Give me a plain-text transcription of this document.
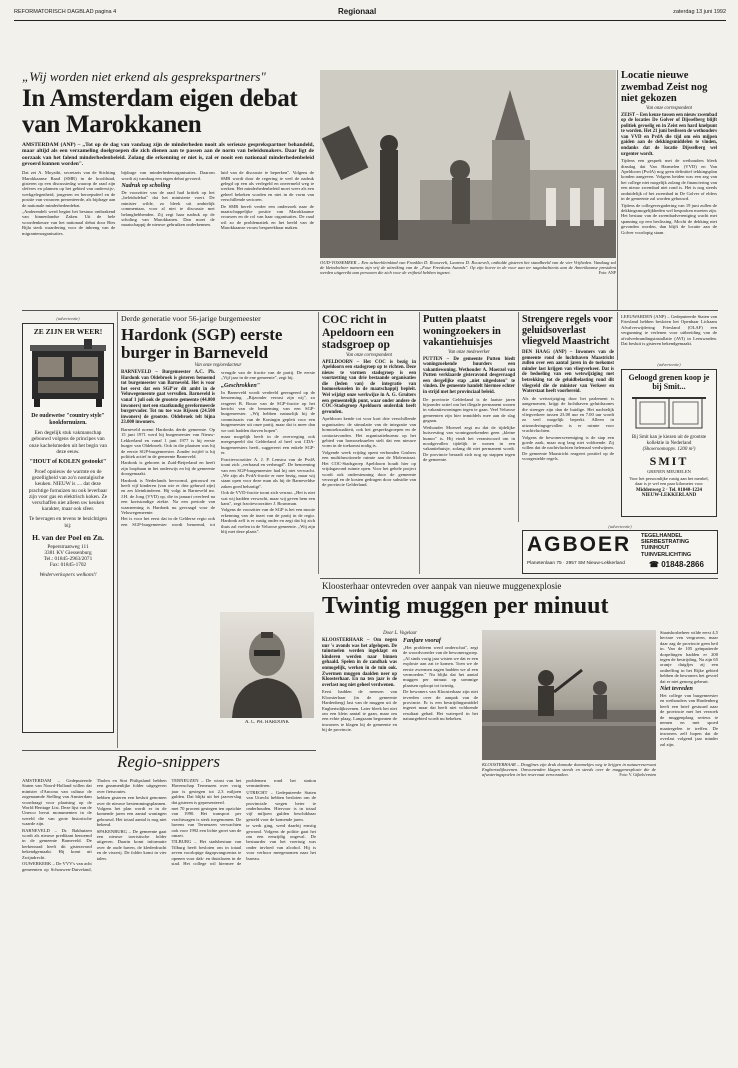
REFORMATORISCH DAGBLAD pagina 4	Regionaal	zaterdag 13 juni 1992
„Wij worden niet erkend als gesprekspartners"
In Amsterdam eigen debat van Marokkanen
AMSTERDAM (ANP) – „Tot op de dag van vandaag zijn de minderheden nooit als serieuze gesprekspartner behandeld, maar altijd als een verzameling doelgroepen die zich dienen aan te passen aan de norm van beleidsmakers. Daar ligt de oorzaak van het falend minderhedenbeleid. Zolang die erkenning er niet is, zal er nooit een nationaal minderhedenbeleid gevoerd kunnen worden".

Dat zei A. Moyaibi, secretaris van de Stichting Marokkaanse Raad (SMR) in de hoofdstad, gisteren op een discussiedag waarop de raad zijn sleferes en plannen op het gebied van onderwijs-, werkgelegenheid, jongeren en beroepsdeel en de positie van vrouwen presenteerde, als bijdrage aan de nationale minderhedendebat.

„Anderendelt werd begint het bestuur ontbrakend van binnenlandse Zaken. Uit de hele woordenkeuze van het nationaal debat door Bies Bijla sterk waardering voor de inbreng van de migrantenorganisaties.

bijdrage van minderhedenorganisaties. Daarom wordt zij vandaag een eigen debat gevoerd.

Nadruk op scholing

De voorzitter van de raad had kritiek op het „beleidsdebat" dat het ministerie voert. De minister wilde, zo bleek uit ambtelijk commentaar, voor al niet te discussie met belanghebbenden. Zij zegt haar nadruk op de scholing van Marokkanen. Dan moet de maatschappij de nieuwe gebruiken onderkennen.

luid van de discussie te beperken". Volgens de SMR wordt door de regering te veel de nadruk gelegd op een als verlegeld en onvermeld weg te werken. Het minderhedenbeleid moet weer als een geheel bekeken worden en niet in de vorm van verschillende sectoren.

De SMR bereft verder een onderzoek naar de maatschappelijke positie van Marokkaanse vrouwen en de rol van haar organisaties. De raad wil zo de problematiek en het beeld van de Marokkaanse vrouw bespreekbaar maken.

OUD-VOSSEMEER – Een achterkleinkind van Franklin D. Roosevelt, Laurens D. Roosevelt, onthulde gisteren het standbeeld van de vier Vrijheden. Vandaag zal de kleindochter namens zijn vrij de uitreiking van de „Four Freedoms Awards". Op zijn hoeve in de voor aan ter nagedachtenis aan de Amerikaanse president werden uitgereikt aan personen die zich voor de vrijheid hebben ingezet.	Foto: ANP
Locatie nieuwe zwembad Zeist nog niet gekozen
Van onze correspondent

ZEIST – Een keuze tussen een nieuw zwembad op de locaties De Golver of Dijsselberg blijft politiek gevoelig en in Zeist een hard knelpunt te worden. Het 21 juni beslissen de wethouders van VVD en PvdA die tijd om eén mijpen gaiden aan de dekkingsmiddelen te vinden, ondanks dat de locatie Dijsselberg wel urgenter wordt.

Tijdens een gesprek met de wethouders bleek dinsdag dat Van Harmelen (VVD) en Van Apeldoorn (PvdA) nog geen definitief tekkingsplan konden aangeven. Volgens beiden was een zeg van het college niet mogelijk zolang de financiering van een nieuw zwembad niet rond is. Het is nog steeds onduidelijk of het zwembad in De Golver of elders in de gemeente zal worden gebouwd.

Tijdens de collegevergadering van 19 juni zullen de dekkingsmogelijkheden wel besproken moeten zijn. Het bestuur van de zwembadvereniging wacht met spanning op een beslissing. Mocht de dekking niet gevonden worden, dan blijft de locatie aan de Golver voorlopig staan.

(advertentie)
ZE ZIJN ER WEER!

De oudewetse "country style" kookfornuizen.

Een degelijk stuk vakmanschap gebouwd volgens de principes van onze kachelsmeden uit het begin van deze eeuw.

"HOUT of KOLEN gestookt"

Proef opnieuw de warmte en de gezelligheid van zo'n nostalgische keuken. NIEUW is .... dat deze prachtige fornuizen nu ook leverbaar zijn voor gas en elektrisch koken. Ze verschaffen niet alleen uw keuken karakter, maar ook sfeer.

Te bevragen en tevens te bezichtigen bij:

H. van der Poel en Zn.
Peperstraatweg 111
3381 KV Giessenburg
Tel.: 01845-2963/2071
Fax: 01845-1702
Wederverkopers welkom!!
Derde generatie voor 56-jarige burgemeester
Hardonk (SGP) eerste burger in Barneveld
Van onze regioredacteur

BARNEVELD – Burgemeester A.C. Ph. Hardonk van Oldebroek is gisteren benoemd tot burgemeester van Barneveld. Het is voor het eerst dat een SGP'er dit ambt in de Veluwegemeente gaat vervullen. Barneveld is vanaf 1 juli ook de grootste gemeente (44.000 inwoners) met een staatkundig gereformeerde burgervader. Tot nu toe was Rijssen (24.500 inwoners) de grootste. Oldebroek telt bijna 23.000 inwoners.

Barneveld noemt Hardonks derde gemeente. Op 15 juni 1971 werd hij burgemeester van Nieuw-Lekkerland en vanaf 1 juni 1977 is hij eerste burger van Oldebroek. Ook in die plaatsen was hij de eerste SGP-burgemeester. Zonder twijfel is hij politiek actief in de gemeente Barneveld.

Hardonk is geboren in Zuid-Beijerland en heeft zijn loopbaan in het onderwijs en bij de gemeente doorgemaakt.

Hardonk is Nederlands hervormd, getrouwd en heeft vijf kinderen (van wie er drie gehuwd zijn) en zes kleinkinderen. Hij volgt in Barneveld mr. J.H. de Jong (VVD) op, die in januari overleed na een kortstondige ziekte. Na een periode van waarneming is Hardonk nu gevraagd voor de Veluwegemeente.

Het is voor het eerst dat in de Gelderse regio ook een SGP-burgemeester wordt benoemd, tot vreugde van de fractie van de partij. De eerste „Vijf jaar in de ene gemeente", zegt hij.

„Geschrokken"

In Barneveld wordt verdeeld gereageerd op de benoeming. „Bijzonder verrast zijn wij", zo reageert B. Bouw van de SGP-fractie op het bericht van de benoeming van een SGP-burgemeester. „Wij hebben natuurlijk bij de commissaris van de Koningin gepleit voor een burgemeester uit onze partij, maar dat is meer dan we ooit hadden durven hopen".

maar mogelijk heeft in de overweging ook meegespeeld dat Gelderland al heel wat CDA-burgemeesters heeft, suggereert een enkele SGP-er.

Fractievoorzitter A. J. P. Lenstra van de PvdA toont zich „verbaasd en verheugd". De benoeming van een SGP-burgemeester had hij niet verwacht. „We zijn als PvdA-fractie er mee bezig, maar wij staan open voor deze man als hij de Barneveldse zaken goed behartigt".

Ook de VVD-fractie toont zich verrast. „Het is niet wat wij hadden verwacht, maar wij geven hem een kans", zegt fractievoorzitter J. Bouwman.

Volgens de voorzitter van de SGP is het een mooie erkenning van de inzet van de partij in de regio. Hardonk zelf is er rustig onder en zegt dat hij zich thuis zal voelen in de Veluwse gemeente. „Wij zijn blij met deze plaats".

A. C. PH. HARDONK
COC richt in Apeldoorn een stadsgroep op
Van onze correspondent

APELDOORN – Het COC is bezig in Apeldoorn een stadsgroep op te richten. Deze nieuw te vormen stadsgroep is een voortzetting van drie bestaande organisaties die (leden van) de integratie van homoseksuelen in de maatschappij bepleit. Wel wijzigt onze werkwijze in A. G. Gruiters een gemeentelijk punt, waar onder andere de COC-Stadsgroep Apeldoorn onderdak heeft gevonden.

Apeldoorn kende tot voor kort drie verschillende organisaties: de stimulatie van de integratie van homoseksualiteit, ook het gespreksgroepen en de contactavonden. Het organisatiebureau op het gebied van homoseksuelen stelt dat een nieuwe vorm in de toekomst nodig is.

Volgende week vrijdag opent verbonden Grubers een multifunctionele ruimte aan de Molenstraat. Het COC-Stadsgroep Apeldoorn houdt hier op vrijdagavond ruimte open. Voor het gehele project wordt ook ondersteuning door de gemeente verzorgd en de kosten gedragen door subsidie van de provincie Gelderland.

Putten plaatst woningzoekers in vakantiehuisjes
Van onze medewerker

PUTTEN – De gemeente Putten biedt woningzoekende huurders een vakantiewoning. Wethouder A. Moerzel van Putten verklaarde gisteravond desgevraagd een dergelijke stap „niet uitgesloten" te vinden. De gemeente handelt hiermee echter in strijd met het provinciaal beleid.

De provincie Gelderland is de laatste jaren bijzonder actief om het illegale permanent wonen in vakantiewoningen tegen te gaan. Veel Veluwse gemeenten zijn hier inmiddels mee aan de slag gegaan.

Wethouder Moerzel zegt nu dat de tijdelijke huisvesting van woningzoekenden geen „kleine humor" is. Hij vindt het verantwoord om in noodgevallen tijdelijk te wonen in een vakantiehuisje, zolang dit niet permanent wordt. De provincie beraadt zich nog op stappen tegen de gemeente.

Strengere regels voor geluidsoverlast vliegveld Maastricht

DEN HAAG (ANP) – Inwoners van de gemeente rond de luchthaven Maastricht zullen over een aantal jaren in de toekomst minder last krijgen van vliegverkeer. Dat is de bedoeling van een wetswijziging met betrekking tot de geluidbelasting rond dit vliegveld die de minister van Verkeer en Waterstaat heeft voorbereid.

Als de wetswijziging door het parlement is aangenomen, krijgt de luchthaven geluidszones die strenger zijn dan de huidige. Het nachtelijk vliegverkeer tussen 23.00 uur en 7.00 uur wordt zo veel mogelijk beperkt. Alleen in uitzonderingsgevallen is er ruimte voor vrachtvluchten.

Volgens de bewonersvereniging is de stap een goede zaak, maar nog lang niet voldoende. Zij willen dat de nachtvluchten helemaal verdwijnen. De gemeente Maastricht reageert positief op de voorgestelde regels.

LEEUWARDEN (ANP) – Gedeputeerde Staten van Friesland hebben besloten het Openbaar Lichaam Afvalverwijdering Friesland (OLAF) een vergunning te verlenen voor uitbreiding van de afvalverbrandingsinstallatie (AVI) in Leeuwarden. Dat besluit is gisteren bekendgemaakt.

(advertentie)
Geloogd grenen koop je bij Smit...
Bij Smit kan je kiezen uit de grootste kollektie in Nederland
(Showroomoppv. 1200 m²)
SMIT
GRENEN MEUBELEN
Voor het persoonlijke rustig aan het meubel, daar is je wel een paar kilometer voor
Middenweg 2 · Tel. 01840-1224
NIEUW-LEKKERLAND
(advertentie)
AGBOER TEGELHANDEL
SIERBESTRATING
TUINHOUT
TUINVERLICHTING
Planetenlaan 75 · 2957 SM Nieuw-Lekkerland	☎ 01848-2866
Kloosterhaar ontevreden over aanpak van nieuwe muggenexplosie
Twintig muggen per minuut
Door L. Vogelaar

KLOOSTERHAAR – Om negen uur 's avonds was het afgelopen. De tuinstoelen werden ingeklapt en kinderen werden naar binnen gehaald. Spelen in de zandbak was onmogelijk, werken in de tuin ook. Zwermen muggen daalden neer op Kloosterhaar. En na ten jaar is de overlast nog niet geheel verdwenen.

Eerst hadden de mensen van Kloosterhaar (in de gemeente Hardenberg) last van de muggen uit de Engbertsdijksvenen. Later bleek het niet om een klein aantal te gaan, maar om een echte plaag. Langzaam begonnen de inwoners te klagen bij de gemeente en bij de provincie.

Fanfare vooraf

„Het probleem werd onderschat", zegt de woordvoerder van de bewonersgroep. „Al sinds vorig jaar wisten we dat er een explosie aan zat te komen. Toen we de eerste zwermen zagen hadden we al een vermoeden." Nu blijkt dat het aantal muggen per minuut op sommige plaatsen oploopt tot twintig.

De bewoners van Kloosterhaar zijn niet tevreden over de aanpak van de provincie. Er is een bestrijdingsmiddel ingezet maar dat heeft niet voldoende resultaat gehad. Het waterpeil in het natuurgebied wordt nu bekeken.

KLOOSTERHAAR – Dragfines zijn druk donnuke dommekjes weg te krijgen in natuurreservaat Engbertsdijksvenen. Omwonenden klagen steeds en steeds over de muggenexplosie die de afwateringspoelen in het reservaat veroorzaken.	Foto: V. Gijbels/vesten

Staatsbosbeheer wilde eerst 4,5 hectare ven vergraven, maar daar zag de provincie geen heil in. Van de 105 geïnpatterde dorpelingen hadden er 200 tegen de bestrijding. Na zijn 65 oranje duigfjes zij een ontheffing in het Rijke gebied hebben de bewoners het gevoel dat er niet genoeg gebeurt.

Niet tevreden

Het college van burgemeester en wethouders van Hardenberg heeft een brief gestuurd naar de provincie met het verzoek de muggenplaag serieus te nemen en met spoed maatregelen te treffen. De inwoners zelf hopen dat de overlast volgend jaar minder zal zijn.

Regio-snippers

AMSTERDAM – Gedeputeerde Staten van Noord-Holland willen dat minister d'Ancona van cultuur de zogenaamde Stelling van Amsterdam voordraagt voor plaatsing op de World Heritage List. Deze lijst van de Unesco bevat monumenten in de wereld die van grote historische waarde zijn.

BARNEVELD – Dr. Bakhuizen wordt als nieuwe predikant benoemd in de gemeente Barneveld. De kerkenraad heeft dit gisteravond bekendgemaakt. Hij komt uit Zwijndrecht.

OUWERKERK – De VVV's van acht gemeenten op Schouwen-Duiveland, Tholen en Sint Philipsland hebben een gezamenlijke folder uitgegeven over fietsroutes.

hebben gisteren een besluit genomen over de nieuwe bestemmingsplannen. Volgens het plan wordt er in de komende jaren een aantal woningen gebouwd. Het totaal aantal is nog niet bekend.

SPAKENBURG – De gemeente gaat een nieuwe toeristische folder uitgeven. Daarin komt informatie over de oude haven, de klederdracht en de visserij. De folder komt in vier talen.

TERNEUZEN – De winst van het Havenschap Terneuzen over vorig jaar is gestegen tot 2,3 miljoen gulden. Dat blijkt uit het jaarverslag dat gisteren is gepresenteerd.

met 70 procent gestegen ten opzichte van 1990. Het transport per vrachtwagen is sterk toegenomen. De havens van Terneuzen verwachten ook voor 1992 een lichte groei van de omzet.

TILBURG – Het stadsbestuur van Tilburg heeft besloten om in totaal zeven voorlopige dagopvangcentra te openen voor dak- en thuislozen in de stad. Het college wil hiermee de problemen rond het station verminderen.

UTRECHT – Gedeputeerde Staten van Utrecht hebben besloten om de provinciale wegen beter te onderhouden. Hiervoor is in totaal vijf miljoen gulden beschikbaar gesteld voor de komende jaren.

te werk ging, werd daarbij ernstig gewond. Volgens de politie gaat het om een eenzijdig ongeval. De bestuurder van het voertuig was onder invloed van alcohol. Hij is voor verhoor meegenomen naar het bureau.
